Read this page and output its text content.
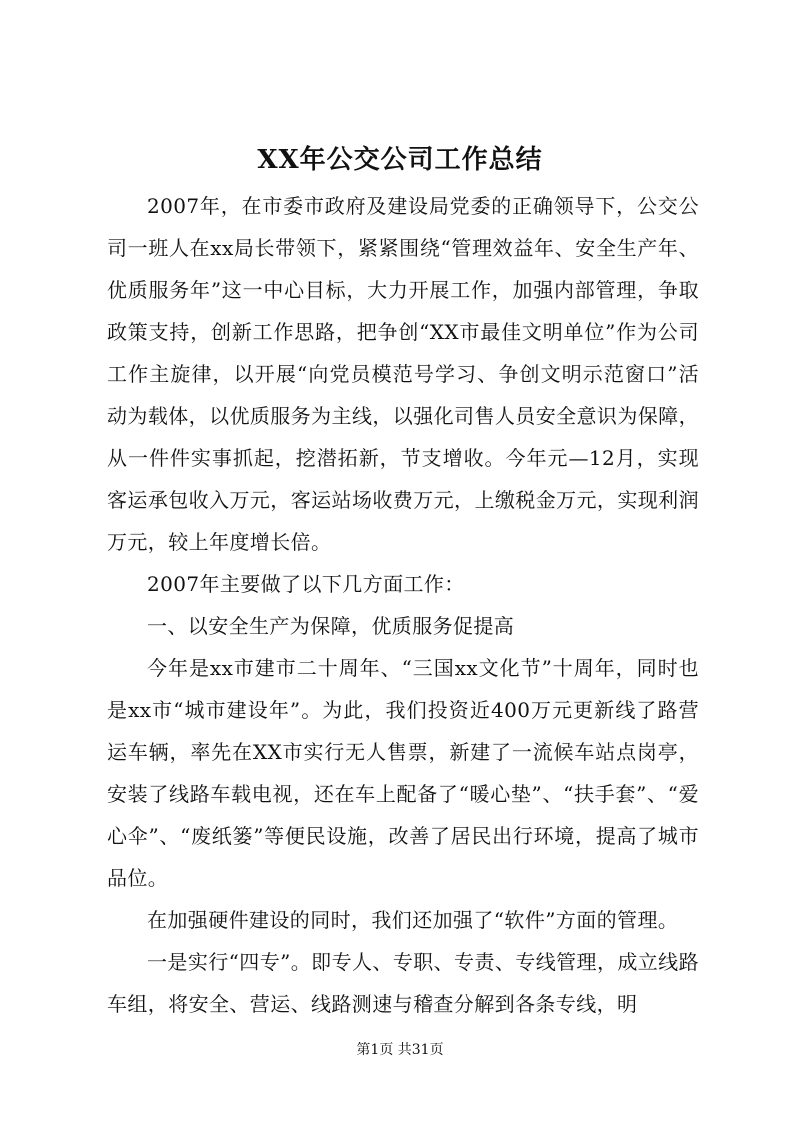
XX年公交公司工作总结

2007年，在市委市政府及建设局党委的正确领导下，公交公司一班人在xx局长带领下，紧紧围绕“管理效益年、安全生产年、优质服务年”这一中心目标，大力开展工作，加强内部管理，争取政策支持，创新工作思路，把争创“XX市最佳文明单位”作为公司工作主旋律，以开展“向党员模范号学习、争创文明示范窗口”活动为载体，以优质服务为主线，以强化司售人员安全意识为保障，从一件件实事抓起，挖潜拓新，节支增收。今年元—12月，实现客运承包收入万元，客运站场收费万元，上缴税金万元，实现利润万元，较上年度增长倍。

2007年主要做了以下几方面工作：

一、以安全生产为保障，优质服务促提高

今年是xx市建市二十周年、“三国xx文化节”十周年，同时也是xx市“城市建设年”。为此，我们投资近400万元更新线了路营运车辆，率先在XX市实行无人售票，新建了一流候车站点岗亭，安装了线路车载电视，还在车上配备了“暖心垫”、“扶手套”、“爱心伞”、“废纸篓”等便民设施，改善了居民出行环境，提高了城市品位。

在加强硬件建设的同时，我们还加强了“软件”方面的管理。

一是实行“四专”。即专人、专职、专责、专线管理，成立线路车组，将安全、营运、线路测速与稽查分解到各条专线，明

第1页 共31页
